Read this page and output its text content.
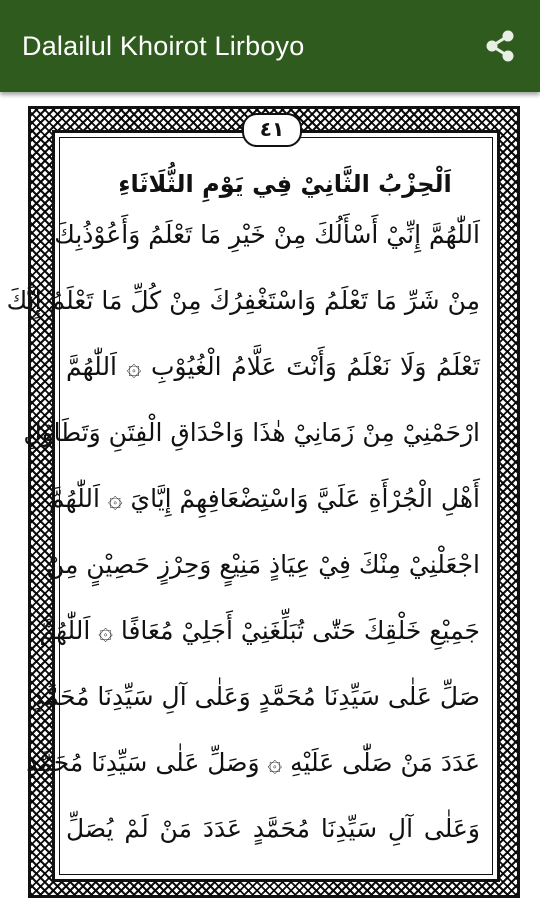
Dalailul Khoirot Lirboyo
٤١
اَلْحِزْبُ الثَّانِيْ فِي يَوْمِ الثُّلَاثَاءِ
اَللّٰهُمَّ إِنِّيْ أَسْأَلُكَ مِنْ خَيْرِ مَا تَعْلَمُ وَأَعُوْذُبِكَ
مِنْ شَرِّ مَا تَعْلَمُ وَاسْتَغْفِرُكَ مِنْ كُلِّ مَا تَعْلَمُ إِنَّكَ
تَعْلَمُ وَلَا نَعْلَمُ وَأَنْتَ عَلَّامُ الْغُيُوْبِ ۞ اَللّٰهُمَّ
ارْحَمْنِيْ مِنْ زَمَانِيْ هٰذَا وَاحْدَاقِ الْفِتَنِ وَتَطَاوُلِ
أَهْلِ الْجُرْأَةِ عَلَيَّ وَاسْتِضْعَافِهِمْ إِيَّايَ ۞ اَللّٰهُمَّ
اجْعَلْنِيْ مِنْكَ فِيْ عِيَاذٍ مَنِيْعٍ وَحِرْزٍ حَصِيْنٍ مِنْ
جَمِيْعِ خَلْقِكَ حَتّٰى تُبَلِّغَنِيْ أَجَلِيْ مُعَافًا ۞ اَللّٰهُمَّ
صَلِّ عَلٰى سَيِّدِنَا مُحَمَّدٍ وَعَلٰى آلِ سَيِّدِنَا مُحَمَّدٍ
عَدَدَ مَنْ صَلّٰى عَلَيْهِ ۞ وَصَلِّ عَلٰى سَيِّدِنَا مُحَمَّدٍ
وَعَلٰى آلِ سَيِّدِنَا مُحَمَّدٍ عَدَدَ مَنْ لَمْ يُصَلِّ
